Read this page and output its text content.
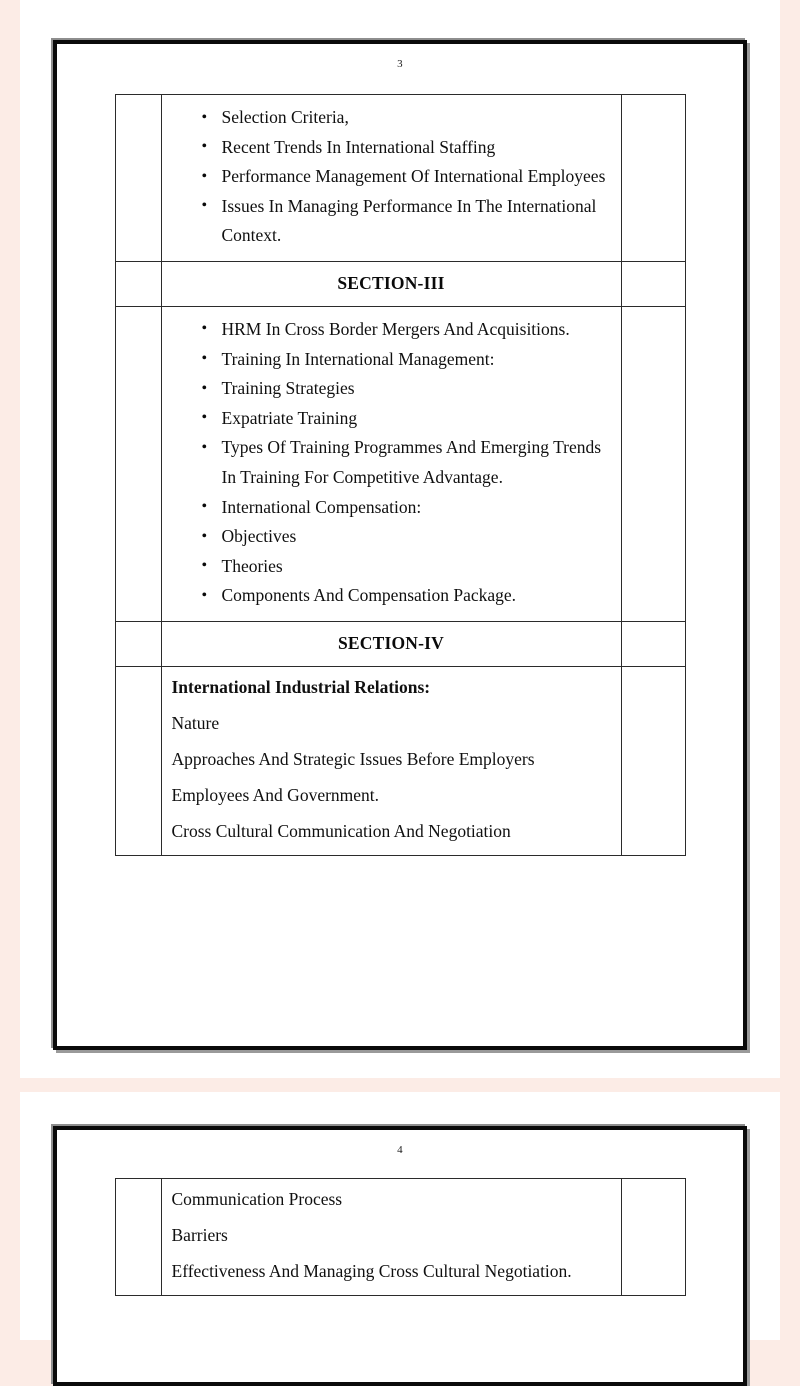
3

• Selection Criteria,
• Recent Trends In International Staffing
• Performance Management Of International Employees
• Issues In Managing Performance In The International Context.

	SECTION-III	

• HRM In Cross Border Mergers And Acquisitions.
• Training In International Management:
• Training Strategies
• Expatriate Training
• Types Of Training Programmes And Emerging Trends In Training For Competitive Advantage.
• International Compensation:
• Objectives
• Theories
• Components And Compensation Package.

	SECTION-IV	

	International Industrial Relations:

Nature

Approaches And Strategic Issues Before Employers

Employees And Government.

Cross Cultural Communication And Negotiation	

4

Communication Process

Barriers

Effectiveness And Managing Cross Cultural Negotiation.
